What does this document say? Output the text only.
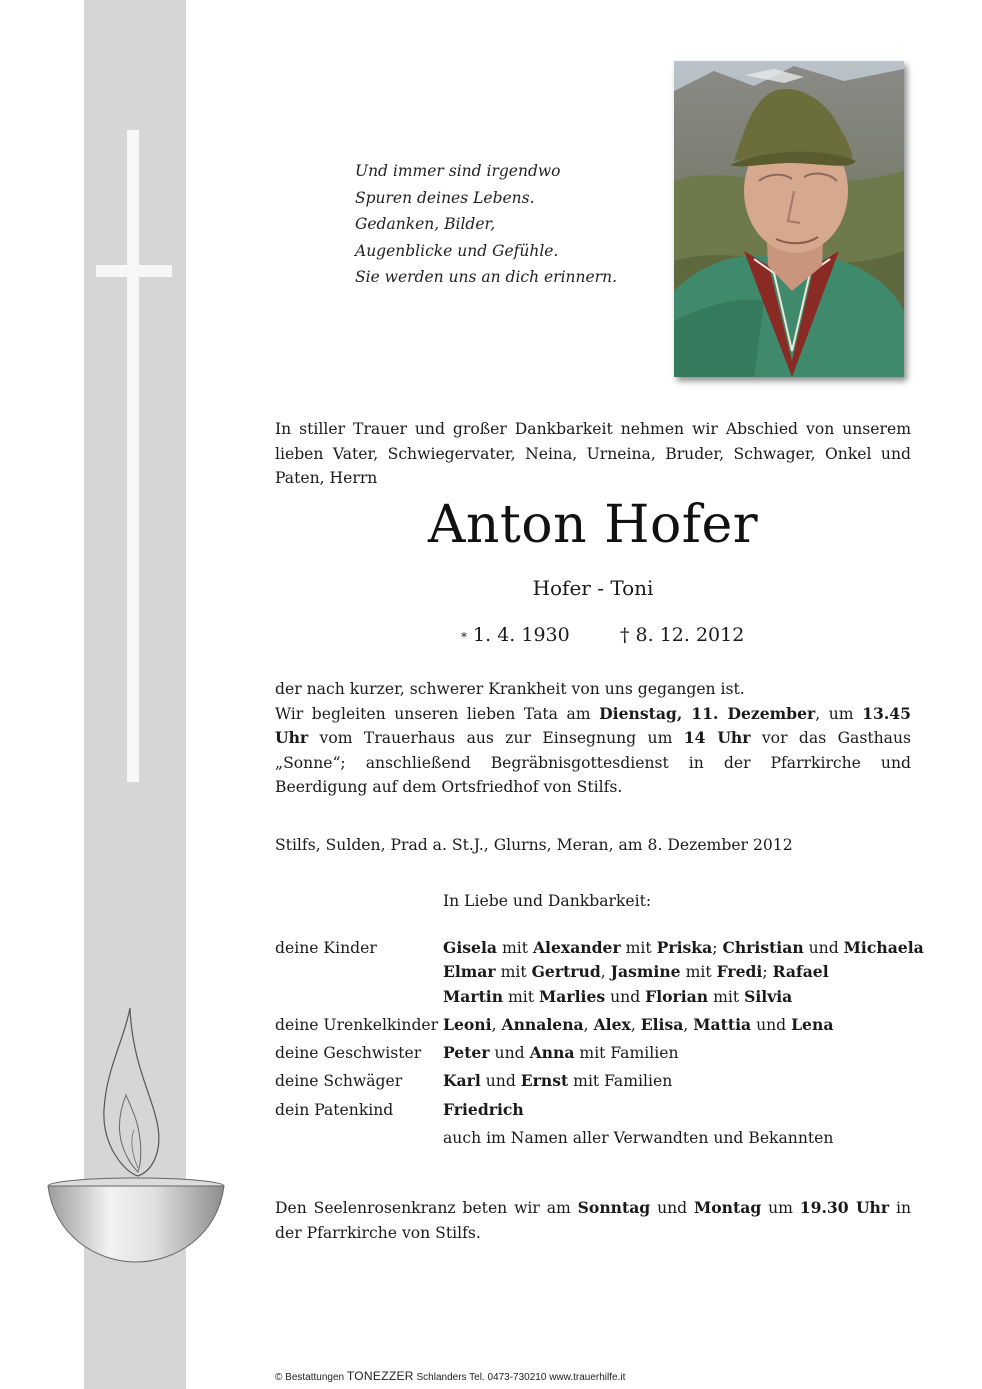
Und immer sind irgendwo
Spuren deines Lebens.
Gedanken, Bilder,
Augenblicke und Gefühle.
Sie werden uns an dich erinnern.
In stiller Trauer und großer Dankbarkeit nehmen wir Abschied von unserem lieben Vater, Schwiegervater, Neina, Urneina, Bruder, Schwager, Onkel und Paten, Herrn
Anton Hofer
Hofer - Toni
* 1. 4. 1930	† 8. 12. 2012
der nach kurzer, schwerer Krankheit von uns gegangen ist.
Wir begleiten unseren lieben Tata am Dienstag, 11. Dezember, um 13.45 Uhr vom Trauerhaus aus zur Einsegnung um 14 Uhr vor das Gasthaus „Sonne“; anschließend Begräbnisgottesdienst in der Pfarrkirche und Beerdigung auf dem Ortsfriedhof von Stilfs.
Stilfs, Sulden, Prad a. St.J., Glurns, Meran, am 8. Dezember 2012
In Liebe und Dankbarkeit:
deine Kinder	Gisela mit Alexander mit Priska; Christian und Michaela
Elmar mit Gertrud, Jasmine mit Fredi; Rafael
Martin mit Marlies und Florian mit Silvia
deine Urenkelkinder Leoni, Annalena, Alex, Elisa, Mattia und Lena
deine Geschwister	Peter und Anna mit Familien
deine Schwäger	Karl und Ernst mit Familien
dein Patenkind	Friedrich
auch im Namen aller Verwandten und Bekannten
Den Seelenrosenkranz beten wir am Sonntag und Montag um 19.30 Uhr in der Pfarrkirche von Stilfs.
© Bestattungen TONEZZER Schlanders Tel. 0473-730210 www.trauerhilfe.it
